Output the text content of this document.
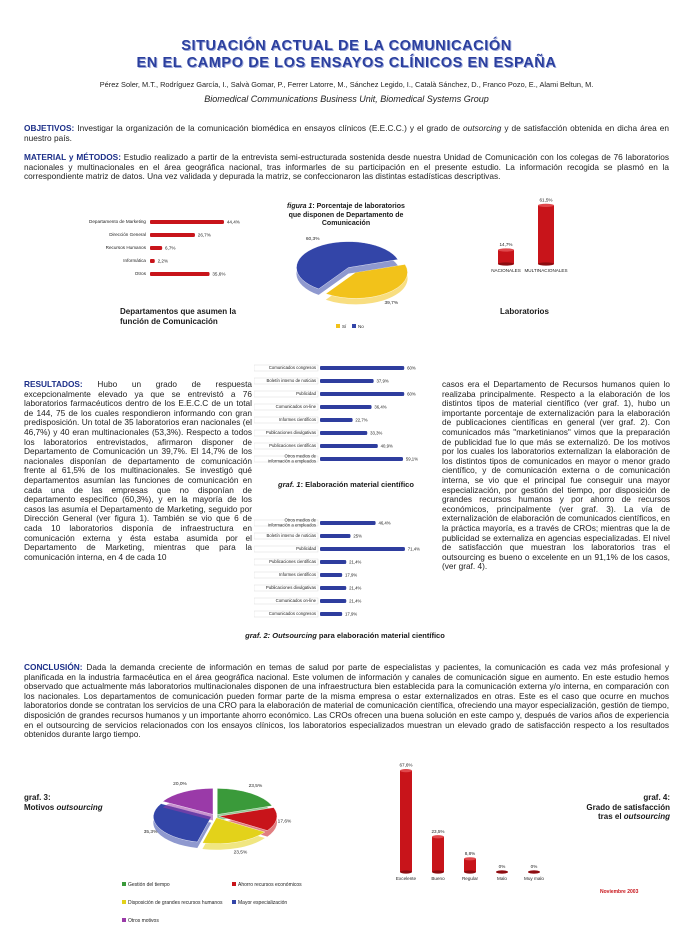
SITUACIÓN ACTUAL DE LA COMUNICACIÓN
EN EL CAMPO DE LOS ENSAYOS CLÍNICOS EN ESPAÑA
Pérez Soler, M.T., Rodríguez García, I., Salvà Gomar, P., Ferrer Latorre, M., Sánchez Legido, I., Català Sánchez, D., Franco Pozo, E., Alami Beltun, M.
Biomedical Communications Business Unit, Biomedical Systems Group
OBJETIVOS: Investigar la organización de la comunicación biomédica en ensayos clínicos (E.E.C.C.) y el grado de outsorcing y de satisfacción obtenida en dicha área en nuestro país.
MATERIAL y MÉTODOS: Estudio realizado a partir de la entrevista semi-estructurada sostenida desde nuestra Unidad de Comunicación con los colegas de 76 laboratorios nacionales y multinacionales en el área geográfica nacional, tras informarles de su participación en el presente estudio. La información recogida se plasmó en la correspondiente matriz de datos. Una vez validada y depurada la matriz, se confeccionaron las distintas estadísticas descriptivas.
Departamento de Marketing	44,4%
Dirección General	26,7%
Recursos Humanos	6,7%
Informática	2,2%
Otros	35,6%
Departamentos que asumen la función de Comunicación
figura 1: Porcentaje de laboratorios que disponen de Departamento de Comunicación
39,7%
60,3%
Sí	No
14,7%
NACIONALES
61,5%
MULTINACIONALES
Laboratorios
RESULTADOS: Hubo un grado de respuesta excepcionalmente elevado ya que se entrevistó a 76 laboratorios farmacéuticos dentro de los E.E.C.C de un total de 144, 75 de los cuales respondieron informando con gran predisposición. Un total de 35 laboratorios eran nacionales (el 46,7%) y 40 eran multinacionales (53,3%). Respecto a todos los laboratorios entrevistados, afirmaron disponer de Departamento de Comunicación un 39,7%. El 14,7% de los nacionales disponían de departamento de comunicación frente al 61,5% de los multinacionales. Se investigó qué departamentos asumían las funciones de comunicación en cada una de las empresas que no disponían de departamento específico (60,3%), y en la mayoría de los casos las asumía el Departamento de Marketing, seguido por Dirección General (ver figura 1). También se vio que 6 de cada 10 laboratorios disponía de infraestructura en comunicación externa y ésta estaba asumida por el Departamento de Marketing, mientras que para la comunicación interna, en 4 de cada 10
Comunicados congresos	60%
Boletín interno de noticias	37,9%
Publicidad	60%
Comunicados on-line	36,4%
Informes científicos	22,7%
Publicaciones divulgativas	33,3%
Publicaciones científicas	40,9%
Otros medios de
información a empleados	59,1%
graf. 1: Elaboración material científico
Otros medios de
información a empleados	46,4%
Boletín interno de noticias	25%
Publicidad	71,4%
Publicaciones científicas	21,4%
Informes científicos	17,9%
Publicaciones divulgativas	21,4%
Comunicados on-line	21,4%
Comunicados congresos	17,9%
graf. 2: Outsourcing para elaboración material científico
casos era el Departamento de Recursos humanos quien lo realizaba principalmente. Respecto a la elaboración de los distintos tipos de material científico (ver graf. 1), hubo un importante porcentaje de externalización para la elaboración de publicaciones científicas en general (ver graf. 2). Con comunicados más "marketinianos" vimos que la preparación de publicidad fue lo que más se externalizó. De los motivos por los cuales los laboratorios externalizan la elaboración de los distintos tipos de comunicados en mayor o menor grado científico, y de comunicación externa o de comunicación interna, se vio que el principal fue conseguir una mayor especialización, por gestión del tiempo, por disposición de grandes recursos humanos y por ahorro de recursos económicos, principalmente (ver graf. 3). La vía de externalización de elaboración de comunicados científicos, en la práctica mayoría, es a través de CROs; mientras que la de publicidad se externaliza en agencias especializadas. El nivel de satisfacción que muestran los laboratorios tras el outsourcing es bueno o excelente en un 91,1% de los casos, (ver graf. 4).
CONCLUSIÓN: Dada la demanda creciente de información en temas de salud por parte de especialistas y pacientes, la comunicación es cada vez más profesional y planificada en la industria farmacéutica en el área geográfica nacional. Este volumen de información y canales de comunicación sigue en aumento. En este estudio hemos observado que actualmente más laboratorios multinacionales disponen de una infraestructura bien establecida para la comunicación externa y/o interna, en comparación con los nacionales. Los departamentos de comunicación pueden formar parte de la misma empresa o estar externalizados en otras. Este es el caso que ocurre en muchos laboratorios donde se contratan los servicios de una CRO para la elaboración de material de comunicación científica, ofreciendo una mayor especialización, gestión de tiempo, disposición de grandes recursos humanos y un importante ahorro económico. Las CROs ofrecen una buena solución en este campo y, después de varios años de experiencia en el outsourcing de servicios relacionados con los ensayos clínicos, los laboratorios especializados muestran un elevado grado de satisfacción respecto a los resultados obtenidos durante largo tiempo.
graf. 3:
Motivos outsourcing
23,5%
17,6%
23,5%
35,3%
20,0%
Gestión del tiempo	Ahorro recursos económicosDisposición de grandes recursos humanos	Mayor especializaciónOtros motivos
67,6%
Excelente
23,5%
Bueno
8,8%
Regular
0%
Malo
0%
Muy malo
graf. 4:
Grado de satisfacción
tras el outsourcing
Noviembre 2003
